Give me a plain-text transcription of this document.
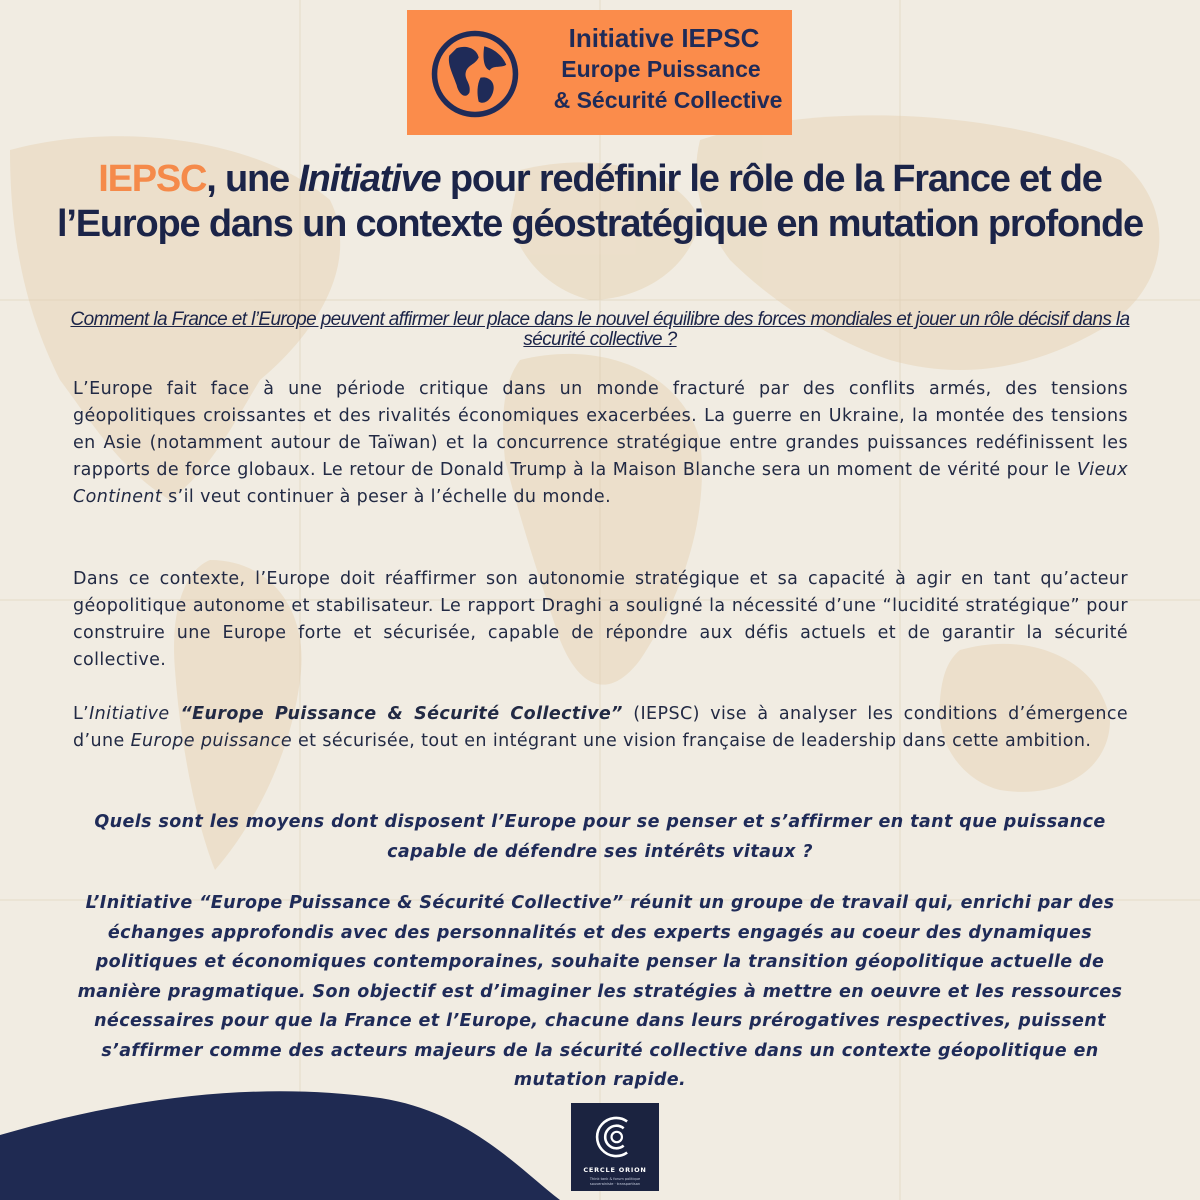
Initiative IEPSC
Europe Puissance
& Sécurité Collective
IEPSC, une Initiative pour redéfinir le rôle de la France et de l’Europe dans un contexte géostratégique en mutation profonde

Comment la France et l’Europe peuvent affirmer leur place dans le nouvel équilibre des forces mondiales et jouer un rôle décisif dans la sécurité collective ?

L’Europe fait face à une période critique dans un monde fracturé par des conflits armés, des tensions géopolitiques croissantes et des rivalités économiques exacerbées. La guerre en Ukraine, la montée des tensions en Asie (notamment autour de Taïwan) et la concurrence stratégique entre grandes puissances redéfinissent les rapports de force globaux. Le retour de Donald Trump à la Maison Blanche sera un moment de vérité pour le Vieux Continent s’il veut continuer à peser à l’échelle du monde.

Dans ce contexte, l’Europe doit réaffirmer son autonomie stratégique et sa capacité à agir en tant qu’acteur géopolitique autonome et stabilisateur. Le rapport Draghi a souligné la nécessité d’une “lucidité stratégique” pour construire une Europe forte et sécurisée, capable de répondre aux défis actuels et de garantir la sécurité collective.

L’Initiative “Europe Puissance & Sécurité Collective” (IEPSC) vise à analyser les conditions d’émergence d’une Europe puissance et sécurisée, tout en intégrant une vision française de leadership dans cette ambition.

Quels sont les moyens dont disposent l’Europe pour se penser et s’affirmer en tant que puissance capable de défendre ses intérêts vitaux ?

L’Initiative “Europe Puissance & Sécurité Collective” réunit un groupe de travail qui, enrichi par des échanges approfondis avec des personnalités et des experts engagés au coeur des dynamiques politiques et économiques contemporaines, souhaite penser la transition géopolitique actuelle de manière pragmatique. Son objectif est d’imaginer les stratégies à mettre en oeuvre et les ressources nécessaires pour que la France et l’Europe, chacune dans leurs prérogatives respectives, puissent s’affirmer comme des acteurs majeurs de la sécurité collective dans un contexte géopolitique en mutation rapide.

CERCLE ORION
Think tank & forum politique
souverainiste · transpartisan
